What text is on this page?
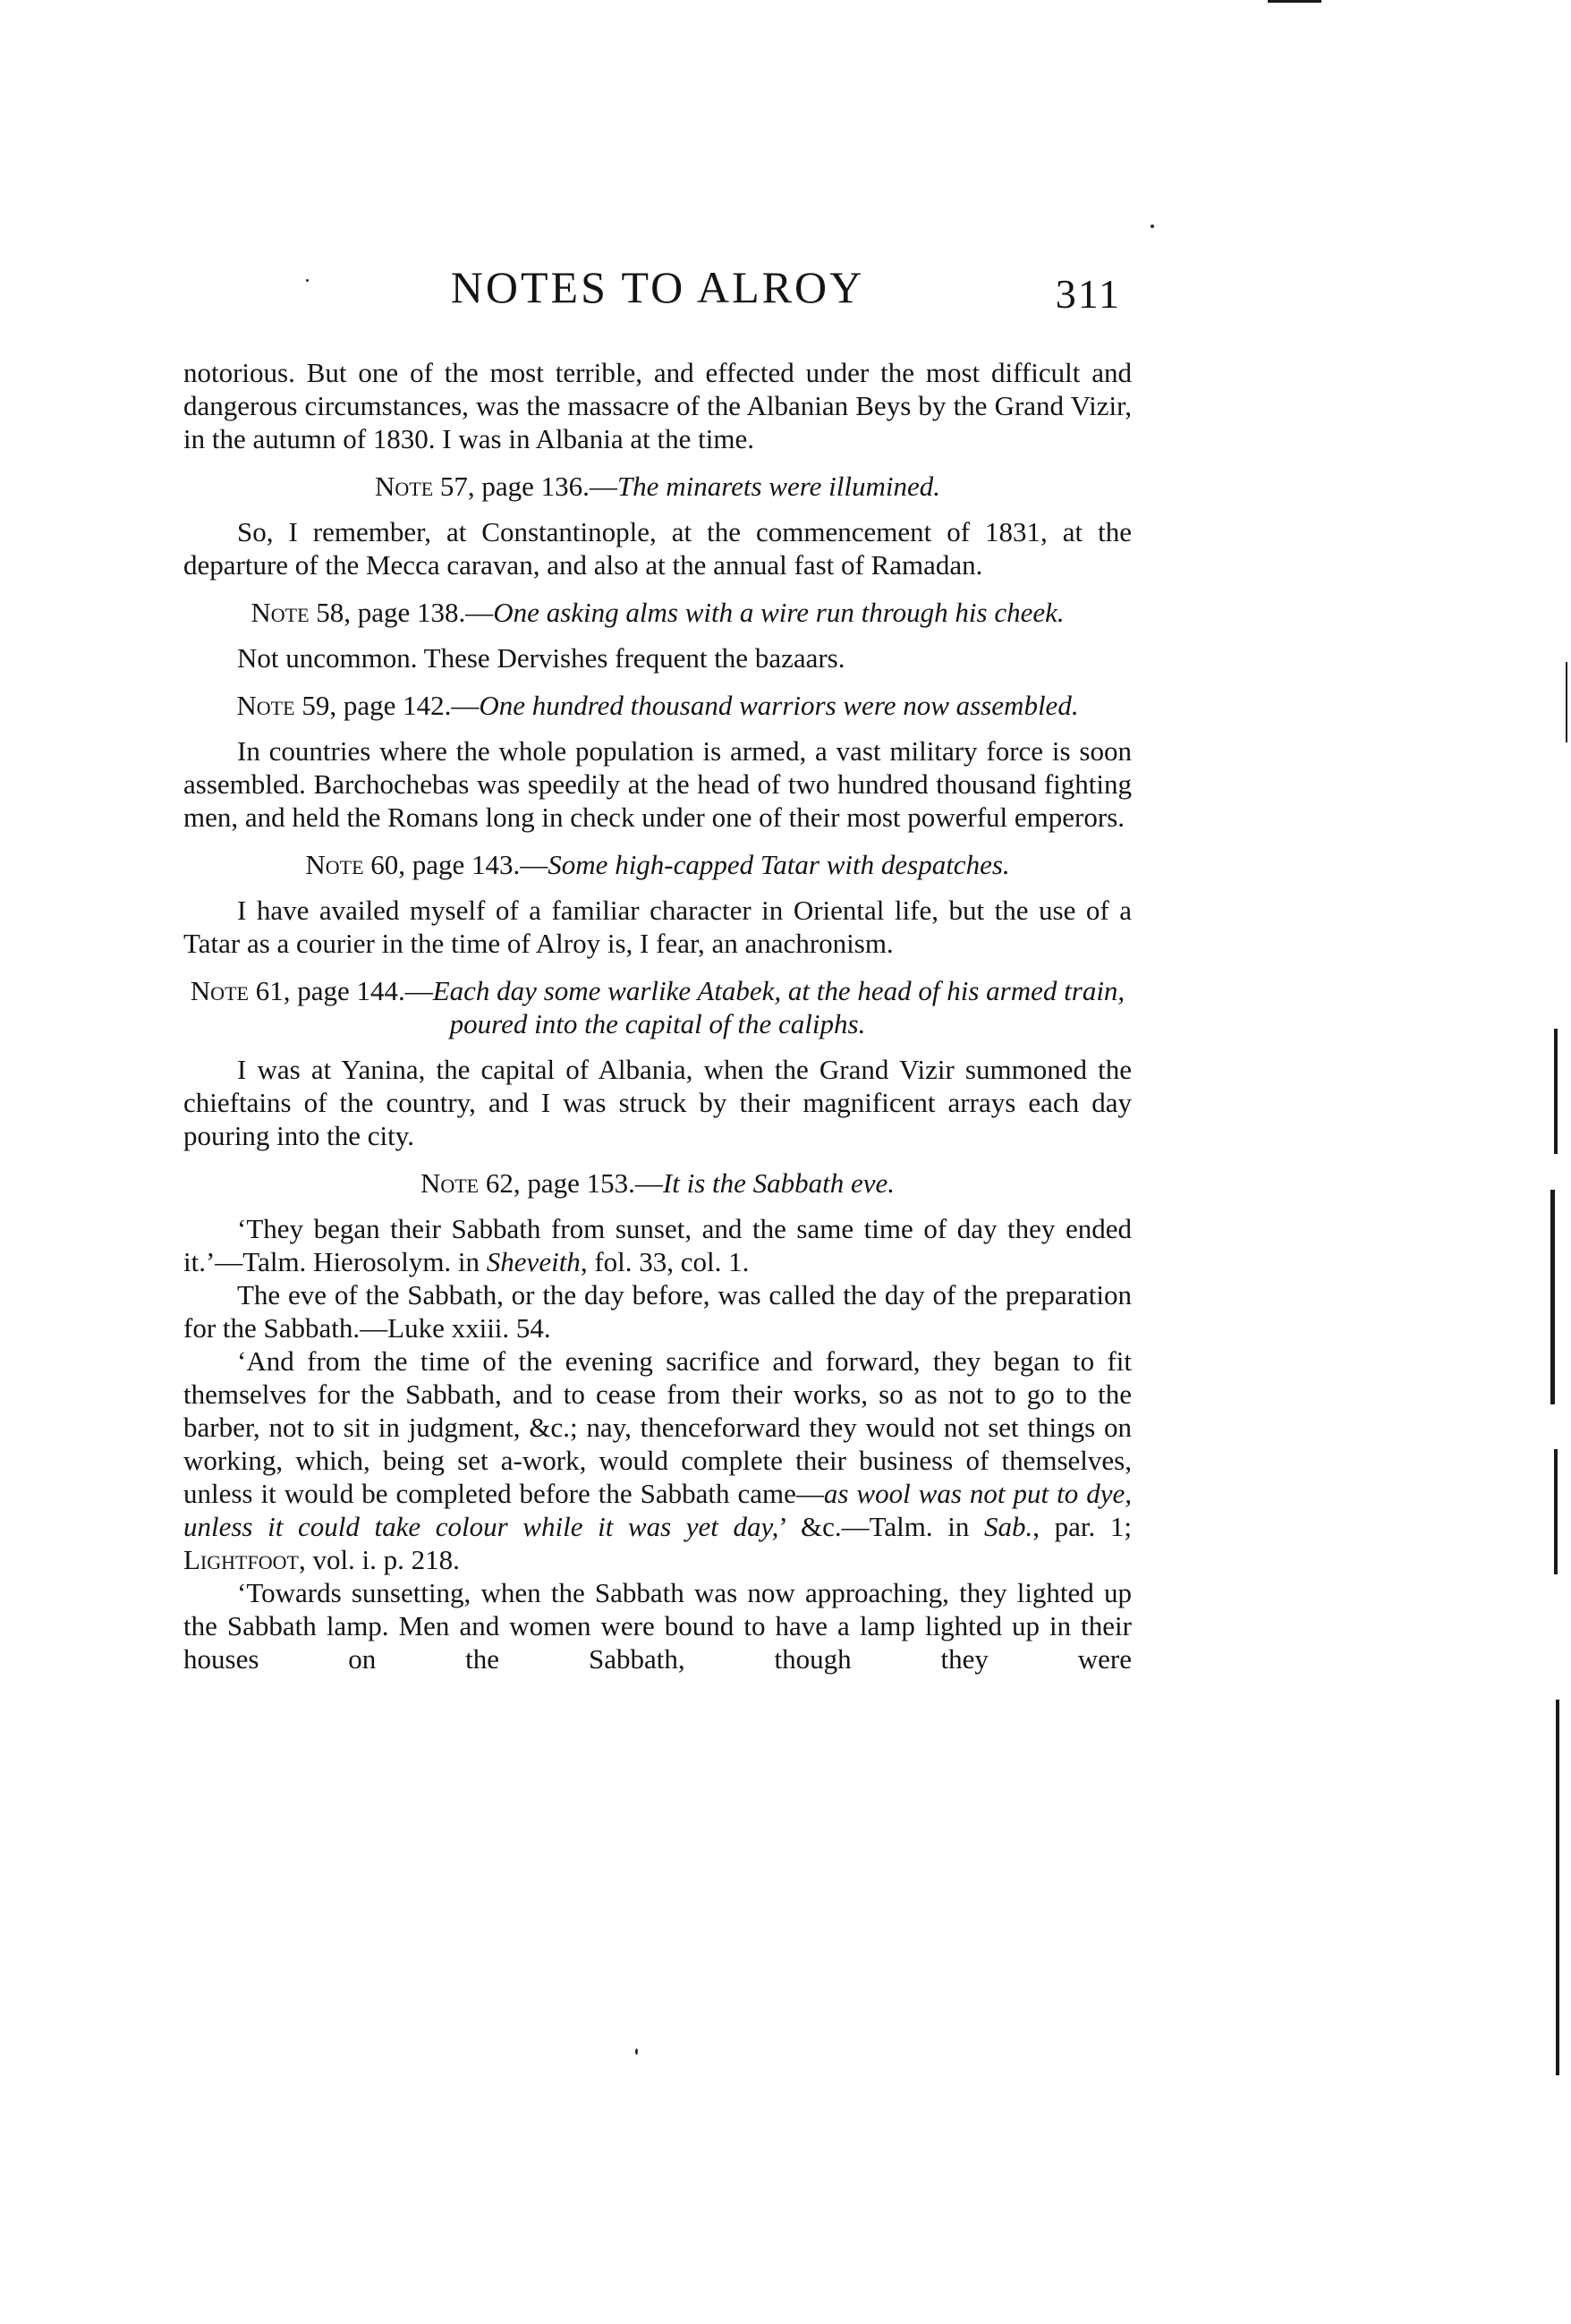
NOTES TO ALROY	311

notorious. But one of the most terrible, and effected under the most difficult and dangerous circumstances, was the massacre of the Albanian Beys by the Grand Vizir, in the autumn of 1830. I was in Albania at the time.

Note 57, page 136.—The minarets were illumined.

So, I remember, at Constantinople, at the commencement of 1831, at the departure of the Mecca caravan, and also at the annual fast of Ramadan.

Note 58, page 138.—One asking alms with a wire run through his cheek.

Not uncommon. These Dervishes frequent the bazaars.

Note 59, page 142.—One hundred thousand warriors were now assembled.

In countries where the whole population is armed, a vast military force is soon assembled. Barchochebas was speedily at the head of two hundred thousand fighting men, and held the Romans long in check under one of their most powerful emperors.

Note 60, page 143.—Some high-capped Tatar with despatches.

I have availed myself of a familiar character in Oriental life, but the use of a Tatar as a courier in the time of Alroy is, I fear, an anachronism.

Note 61, page 144.—Each day some warlike Atabek, at the head of his armed train, poured into the capital of the caliphs.

I was at Yanina, the capital of Albania, when the Grand Vizir summoned the chieftains of the country, and I was struck by their magnificent arrays each day pouring into the city.

Note 62, page 153.—It is the Sabbath eve.

‘They began their Sabbath from sunset, and the same time of day they ended it.’—Talm. Hierosolym. in Sheveith, fol. 33, col. 1.

The eve of the Sabbath, or the day before, was called the day of the preparation for the Sabbath.—Luke xxiii. 54.

‘And from the time of the evening sacrifice and forward, they began to fit themselves for the Sabbath, and to cease from their works, so as not to go to the barber, not to sit in judgment, &c.; nay, thenceforward they would not set things on working, which, being set a-work, would complete their business of themselves, unless it would be completed before the Sabbath came—as wool was not put to dye, unless it could take colour while it was yet day,’ &c.—Talm. in Sab., par. 1; Lightfoot, vol. i. p. 218.

‘Towards sunsetting, when the Sabbath was now approaching, they lighted up the Sabbath lamp. Men and women were bound to have a lamp lighted up in their houses on the Sabbath, though they were
